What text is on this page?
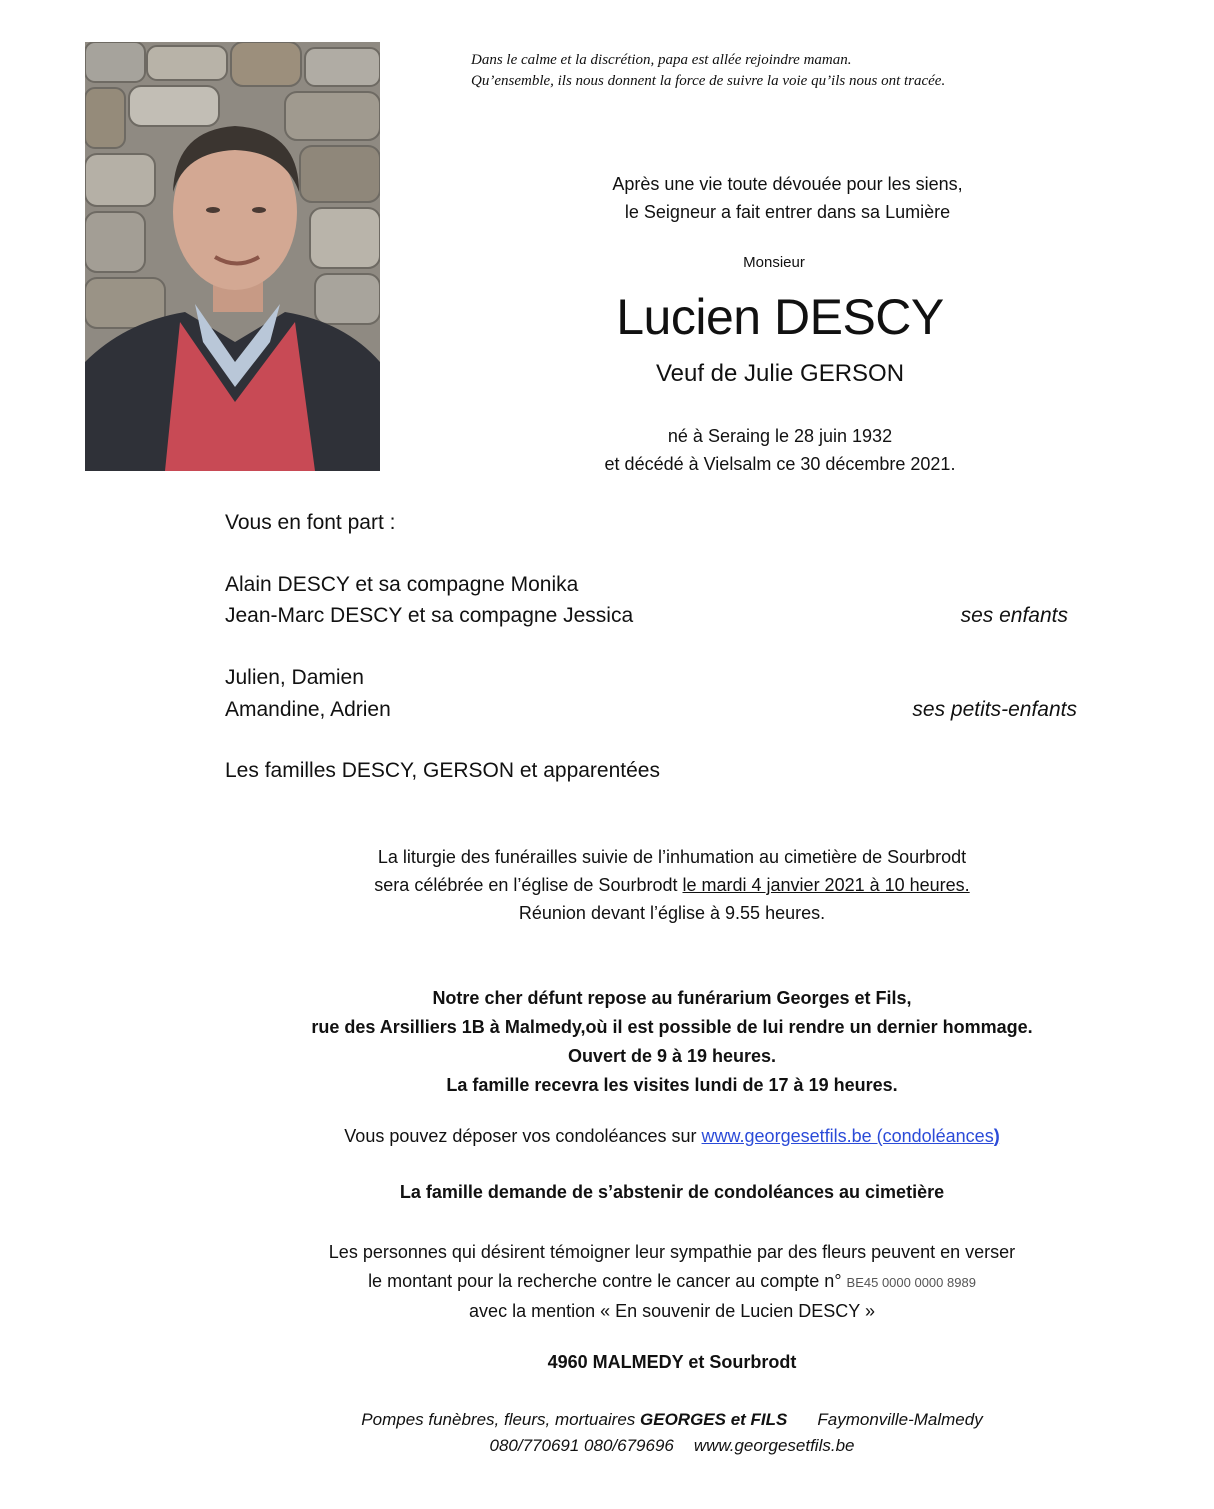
Dans le calme et la discrétion, papa est allée rejoindre maman.
Qu’ensemble, ils nous donnent la force de suivre la voie qu’ils nous ont tracée.
Après une vie toute dévouée pour les siens,
le Seigneur a fait entrer dans sa Lumière
Monsieur
Lucien DESCY
Veuf de Julie GERSON
né à Seraing le 28 juin 1932
et décédé à Vielsalm ce 30 décembre 2021.
Vous en font part :
Alain DESCY et sa compagne Monika
Jean-Marc DESCY et sa compagne Jessica	ses enfants
Julien, Damien
Amandine, Adrien	ses petits-enfants
Les familles DESCY, GERSON et apparentées
La liturgie des funérailles suivie de l’inhumation au cimetière de Sourbrodt
sera célébrée en l’église de Sourbrodt le mardi 4 janvier 2021 à 10 heures.
Réunion devant l’église à 9.55 heures.
Notre cher défunt repose au funérarium Georges et Fils,
rue des Arsilliers 1B à Malmedy,où il est possible de lui rendre un dernier hommage.
Ouvert de 9 à 19 heures.
La famille recevra les visites lundi de 17 à 19 heures.
Vous pouvez déposer vos condoléances sur www.georgesetfils.be (condoléances)
La famille demande de s’abstenir de condoléances au cimetière
Les personnes qui désirent témoigner leur sympathie par des fleurs peuvent en verser
le montant pour la recherche contre le cancer au compte n° BE45 0000 0000 8989
avec la mention « En souvenir de Lucien DESCY »
4960 MALMEDY et Sourbrodt
Pompes funèbres, fleurs, mortuaires GEORGES et FILS Faymonville-Malmedy
080/770691 080/679696 www.georgesetfils.be
